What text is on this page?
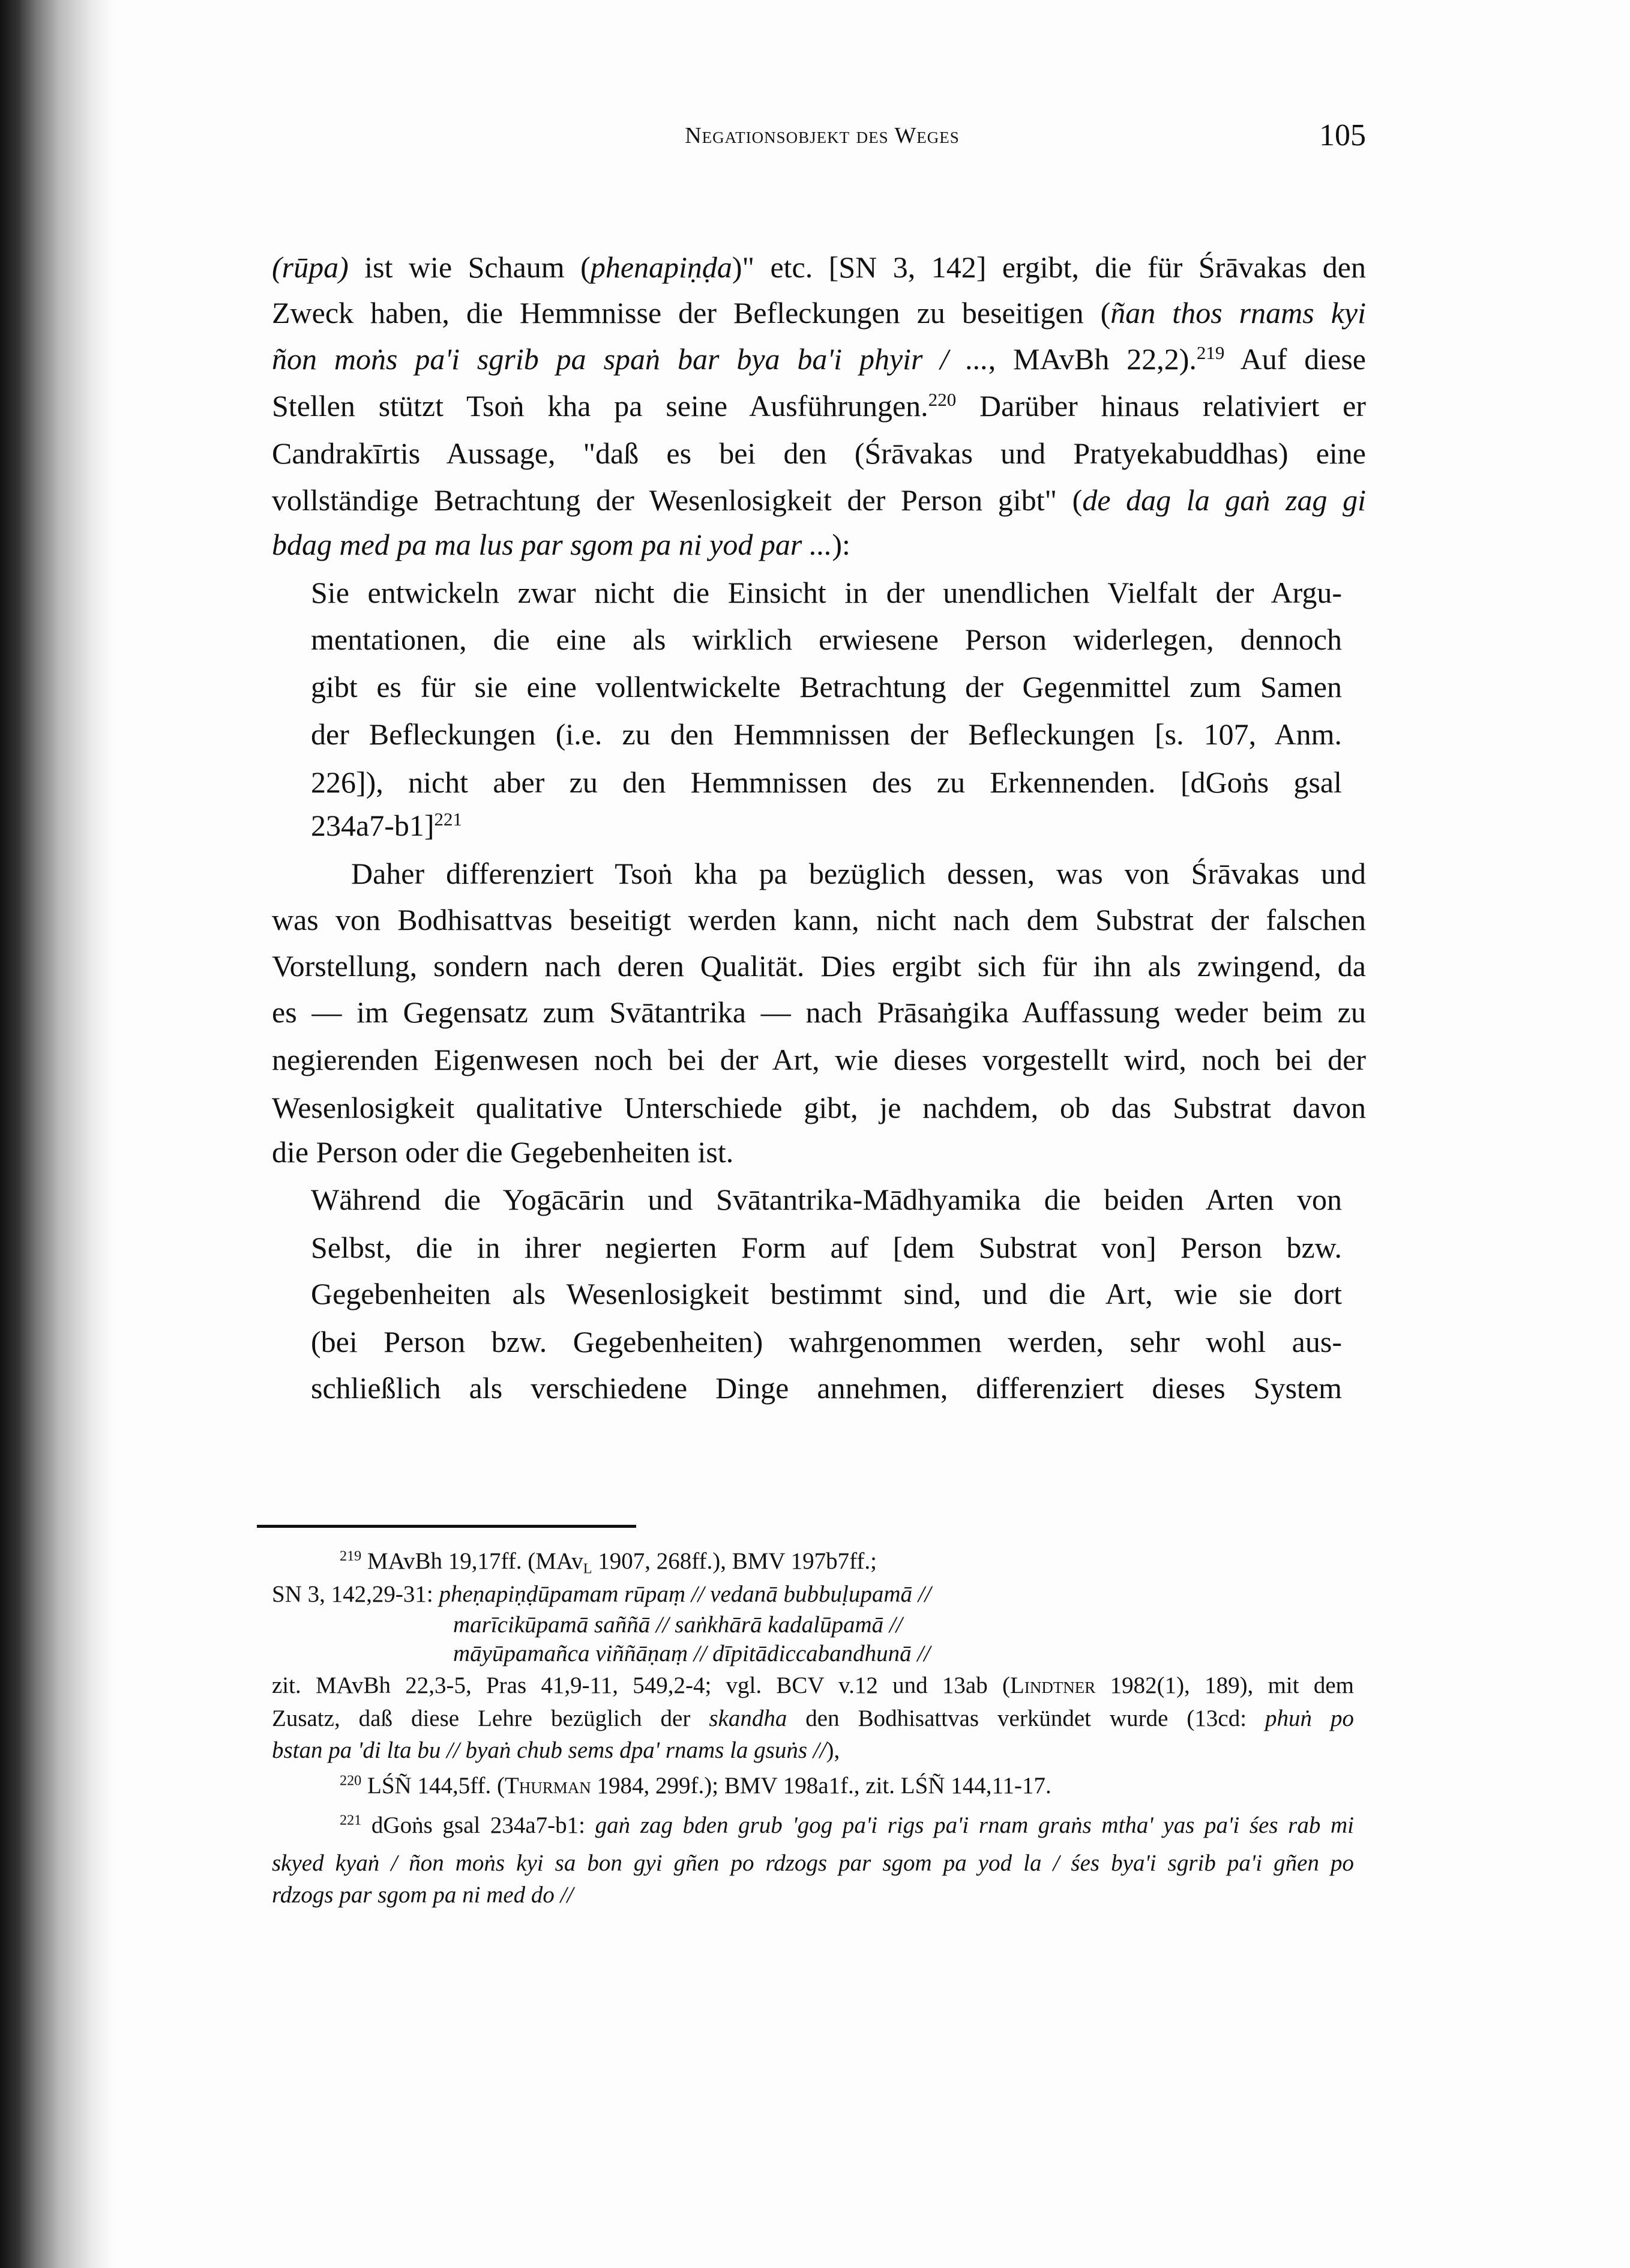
Negationsobjekt des Weges	105
(rūpa) ist wie Schaum (phenapiṇḍa)" etc. [SN 3, 142] ergibt, die für Śrāvakas den
Zweck haben, die Hemmnisse der Befleckungen zu beseitigen (ñan thos rnams kyi
ñon moṅs pa'i sgrib pa spaṅ bar bya ba'i phyir / ..., MAvBh 22,2).$^{219}$ Auf diese
Stellen stützt Tsoṅ kha pa seine Ausführungen.$^{220}$ Darüber hinaus relativiert er
Candrakīrtis Aussage, "daß es bei den (Śrāvakas und Pratyekabuddhas) eine
vollständige Betrachtung der Wesenlosigkeit der Person gibt" (de dag la gaṅ zag gi
bdag med pa ma lus par sgom pa ni yod par ...):
Sie entwickeln zwar nicht die Einsicht in der unendlichen Vielfalt der Argu-
mentationen, die eine als wirklich erwiesene Person widerlegen, dennoch
gibt es für sie eine vollentwickelte Betrachtung der Gegenmittel zum Samen
der Befleckungen (i.e. zu den Hemmnissen der Befleckungen [s. 107, Anm.
226]), nicht aber zu den Hemmnissen des zu Erkennenden. [dGoṅs gsal
234a7-b1]$^{221}$
Daher differenziert Tsoṅ kha pa bezüglich dessen, was von Śrāvakas und
was von Bodhisattvas beseitigt werden kann, nicht nach dem Substrat der falschen
Vorstellung, sondern nach deren Qualität. Dies ergibt sich für ihn als zwingend, da
es — im Gegensatz zum Svātantrika — nach Prāsaṅgika Auffassung weder beim zu
negierenden Eigenwesen noch bei der Art, wie dieses vorgestellt wird, noch bei der
Wesenlosigkeit qualitative Unterschiede gibt, je nachdem, ob das Substrat davon
die Person oder die Gegebenheiten ist.
Während die Yogācārin und Svātantrika-Mādhyamika die beiden Arten von
Selbst, die in ihrer negierten Form auf [dem Substrat von] Person bzw.
Gegebenheiten als Wesenlosigkeit bestimmt sind, und die Art, wie sie dort
(bei Person bzw. Gegebenheiten) wahrgenommen werden, sehr wohl aus-
schließlich als verschiedene Dinge annehmen, differenziert dieses System
$^{219}$ MAvBh 19,17ff. (MAv$_L$ 1907, 268ff.), BMV 197b7ff.;
SN 3, 142,29-31: pheṇapiṇḍūpamam rūpaṃ // vedanā bubbuḷupamā //
marīcikūpamā saññā // saṅkhārā kadalūpamā //
māyūpamañca viññāṇaṃ // dīpitādiccabandhunā //
zit. MAvBh 22,3-5, Pras 41,9-11, 549,2-4; vgl. BCV v.12 und 13ab (Lindtner 1982(1), 189), mit dem
Zusatz, daß diese Lehre bezüglich der skandha den Bodhisattvas verkündet wurde (13cd: phuṅ po
bstan pa 'di lta bu // byaṅ chub sems dpa' rnams la gsuṅs //),
$^{220}$ LŚÑ 144,5ff. (Thurman 1984, 299f.); BMV 198a1f., zit. LŚÑ 144,11-17.
$^{221}$ dGoṅs gsal 234a7-b1: gaṅ zag bden grub 'gog pa'i rigs pa'i rnam graṅs mtha' yas pa'i śes rab mi
skyed kyaṅ / ñon moṅs kyi sa bon gyi gñen po rdzogs par sgom pa yod la / śes bya'i sgrib pa'i gñen po
rdzogs par sgom pa ni med do //
